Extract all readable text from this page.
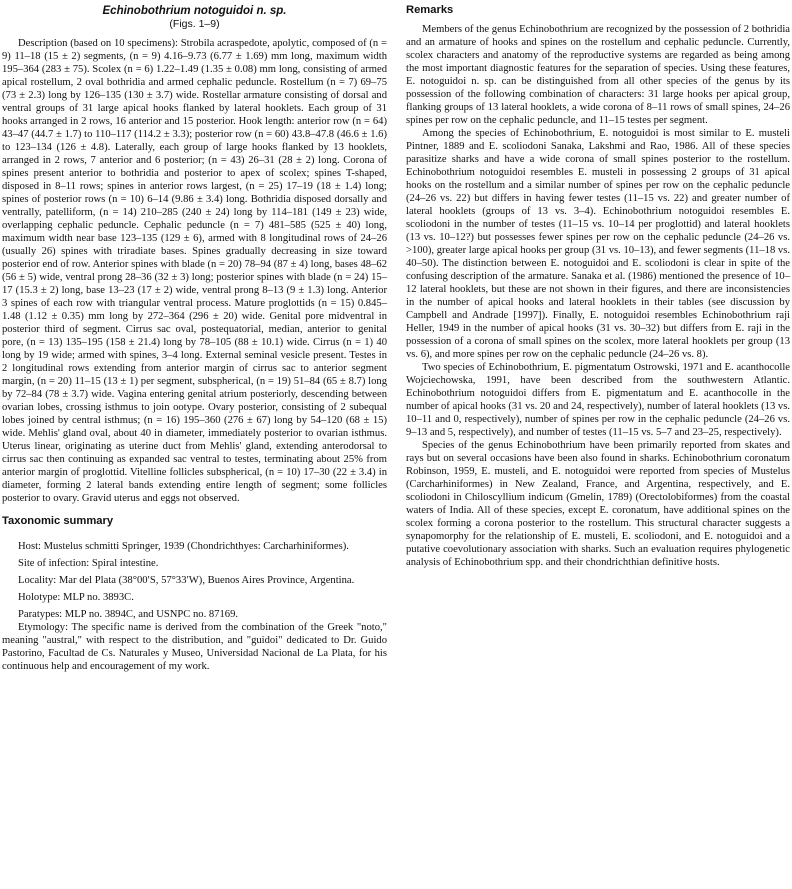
Echinobothrium notoguidoi n. sp.
(Figs. 1–9)

Description (based on 10 specimens): Strobila acraspedote, apolytic, composed of (n = 9) 11–18 (15 ± 2) segments, (n = 9) 4.16–9.73 (6.77 ± 1.69) mm long, maximum width 195–364 (283 ± 75). Scolex (n = 6) 1.22–1.49 (1.35 ± 0.08) mm long, consisting of armed apical rostellum, 2 oval bothridia and armed cephalic peduncle. Rostellum (n = 7) 69–75 (73 ± 2.3) long by 126–135 (130 ± 3.7) wide. Rostellar armature consisting of dorsal and ventral groups of 31 large apical hooks flanked by lateral hooklets. Each group of 31 hooks arranged in 2 rows, 16 anterior and 15 posterior. Hook length: anterior row (n = 64) 43–47 (44.7 ± 1.7) to 110–117 (114.2 ± 3.3); posterior row (n = 60) 43.8–47.8 (46.6 ± 1.6) to 123–134 (126 ± 4.8). Laterally, each group of large hooks flanked by 13 hooklets, arranged in 2 rows, 7 anterior and 6 posterior; (n = 43) 26–31 (28 ± 2) long. Corona of spines present anterior to bothridia and posterior to apex of scolex; spines T-shaped, disposed in 8–11 rows; spines in anterior rows largest, (n = 25) 17–19 (18 ± 1.4) long; spines of posterior rows (n = 10) 6–14 (9.86 ± 3.4) long. Bothridia disposed dorsally and ventrally, patelliform, (n = 14) 210–285 (240 ± 24) long by 114–181 (149 ± 23) wide, overlapping cephalic peduncle. Cephalic peduncle (n = 7) 481–585 (525 ± 40) long, maximum width near base 123–135 (129 ± 6), armed with 8 longitudinal rows of 24–26 (usually 26) spines with triradiate bases. Spines gradually decreasing in size toward posterior end of row. Anterior spines with blade (n = 20) 78–94 (87 ± 4) long, bases 48–62 (56 ± 5) wide, ventral prong 28–36 (32 ± 3) long; posterior spines with blade (n = 24) 15–17 (15.3 ± 2) long, base 13–23 (17 ± 2) wide, ventral prong 8–13 (9 ± 1.3) long. Anterior 3 spines of each row with triangular ventral process. Mature proglottids (n = 15) 0.845–1.48 (1.12 ± 0.35) mm long by 272–364 (296 ± 20) wide. Genital pore midventral in posterior third of segment. Cirrus sac oval, postequatorial, median, anterior to genital pore, (n = 13) 135–195 (158 ± 21.4) long by 78–105 (88 ± 10.1) wide. Cirrus (n = 1) 40 long by 19 wide; armed with spines, 3–4 long. External seminal vesicle present. Testes in 2 longitudinal rows extending from anterior margin of cirrus sac to anterior segment margin, (n = 20) 11–15 (13 ± 1) per segment, subspherical, (n = 19) 51–84 (65 ± 8.7) long by 72–84 (78 ± 3.7) wide. Vagina entering genital atrium posteriorly, descending between ovarian lobes, crossing isthmus to join ootype. Ovary posterior, consisting of 2 subequal lobes joined by central isthmus; (n = 16) 195–360 (276 ± 67) long by 54–120 (68 ± 15) wide. Mehlis' gland oval, about 40 in diameter, immediately posterior to ovarian isthmus. Uterus linear, originating as uterine duct from Mehlis' gland, extending anterodorsal to cirrus sac then continuing as expanded sac ventral to testes, terminating about 25% from anterior margin of proglottid. Vitelline follicles subspherical, (n = 10) 17–30 (22 ± 3.4) in diameter, forming 2 lateral bands extending entire length of segment; some follicles posterior to ovary. Gravid uterus and eggs not observed.

Taxonomic summary

Host: Mustelus schmitti Springer, 1939 (Chondrichthyes: Carcharhiniformes).

Site of infection: Spiral intestine.

Locality: Mar del Plata (38°00′S, 57°33′W), Buenos Aires Province, Argentina.

Holotype: MLP no. 3893C.

Paratypes: MLP no. 3894C, and USNPC no. 87169.

Etymology: The specific name is derived from the combination of the Greek "noto," meaning "austral," with respect to the distribution, and "guidoi" dedicated to Dr. Guido Pastorino, Facultad de Cs. Naturales y Museo, Universidad Nacional de La Plata, for his continuous help and encouragement of my work.

Remarks

Members of the genus Echinobothrium are recognized by the possession of 2 bothridia and an armature of hooks and spines on the rostellum and cephalic peduncle. Currently, scolex characters and anatomy of the reproductive systems are regarded as being among the most important diagnostic features for the separation of species. Using these features, E. notoguidoi n. sp. can be distinguished from all other species of the genus by its possession of the following combination of characters: 31 large hooks per apical group, flanking groups of 13 lateral hooklets, a wide corona of 8–11 rows of small spines, 24–26 spines per row on the cephalic peduncle, and 11–15 testes per segment.

Among the species of Echinobothrium, E. notoguidoi is most similar to E. musteli Pintner, 1889 and E. scoliodoni Sanaka, Lakshmi and Rao, 1986. All of these species parasitize sharks and have a wide corona of small spines posterior to the rostellum. Echinobothrium notoguidoi resembles E. musteli in possessing 2 groups of 31 apical hooks on the rostellum and a similar number of spines per row on the cephalic peduncle (24–26 vs. 22) but differs in having fewer testes (11–15 vs. 22) and greater number of lateral hooklets (groups of 13 vs. 3–4). Echinobothrium notoguidoi resembles E. scoliodoni in the number of testes (11–15 vs. 10–14 per proglottid) and lateral hooklets (13 vs. 10–12?) but possesses fewer spines per row on the cephalic peduncle (24–26 vs. >100), greater large apical hooks per group (31 vs. 10–13), and fewer segments (11–18 vs. 40–50). The distinction between E. notoguidoi and E. scoliodoni is clear in spite of the confusing description of the armature. Sanaka et al. (1986) mentioned the presence of 10–12 lateral hooklets, but these are not shown in their figures, and there are inconsistencies in the number of apical hooks and lateral hooklets in their tables (see discussion by Campbell and Andrade [1997]). Finally, E. notoguidoi resembles Echinobothrium raji Heller, 1949 in the number of apical hooks (31 vs. 30–32) but differs from E. raji in the possession of a corona of small spines on the scolex, more lateral hooklets per group (13 vs. 6), and more spines per row on the cephalic peduncle (24–26 vs. 8).

Two species of Echinobothrium, E. pigmentatum Ostrowski, 1971 and E. acanthocolle Wojciechowska, 1991, have been described from the southwestern Atlantic. Echinobothrium notoguidoi differs from E. pigmentatum and E. acanthocolle in the number of apical hooks (31 vs. 20 and 24, respectively), number of lateral hooklets (13 vs. 10–11 and 0, respectively), number of spines per row in the cephalic peduncle (24–26 vs. 9–13 and 5, respectively), and number of testes (11–15 vs. 5–7 and 23–25, respectively).

Species of the genus Echinobothrium have been primarily reported from skates and rays but on several occasions have been also found in sharks. Echinobothrium coronatum Robinson, 1959, E. musteli, and E. notoguidoi were reported from species of Mustelus (Carcharhiniformes) in New Zealand, France, and Argentina, respectively, and E. scoliodoni in Chiloscyllium indicum (Gmelin, 1789) (Orectolobiformes) from the coastal waters of India. All of these species, except E. coronatum, have additional spines on the scolex forming a corona posterior to the rostellum. This structural character suggests a synapomorphy for the relationship of E. musteli, E. scoliodoni, and E. notoguidoi and a putative coevolutionary association with sharks. Such an evaluation requires phylogenetic analysis of Echinobothrium spp. and their chondrichthian definitive hosts.
